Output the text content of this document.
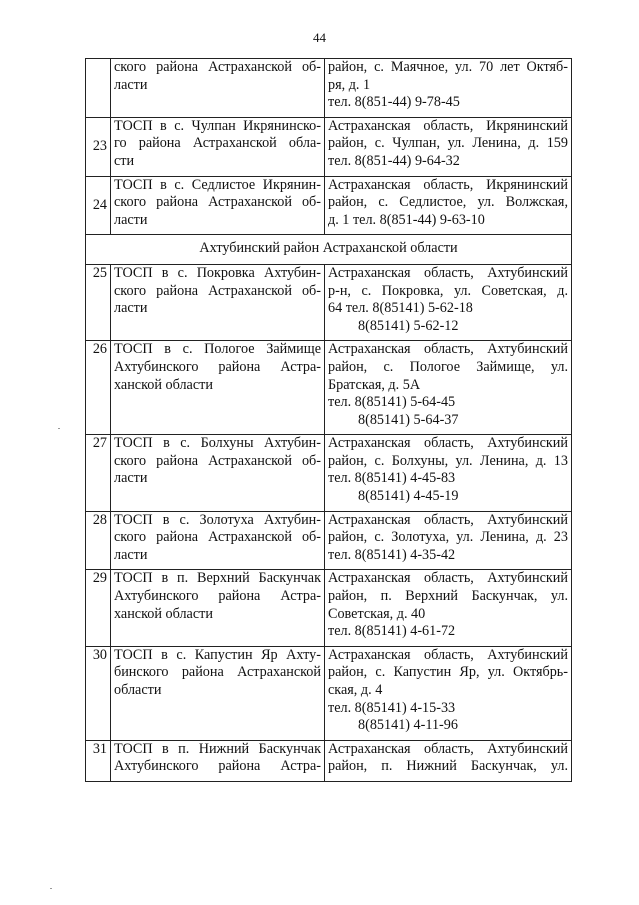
44

	ского района Астраханской об-
ласти	район, с. Маячное, ул. 70 лет Октяб-
ря, д. 1
тел. 8(851-44) 9-78-45

23	ТОСП в с. Чулпан Икрянинско-
го района Астраханской обла-
сти	Астраханская область, Икрянинский
район, с. Чулпан, ул. Ленина, д. 159
тел. 8(851-44) 9-64-32

24	ТОСП в с. Седлистое Икрянин-
ского района Астраханской об-
ласти	Астраханская область, Икрянинский
район, с. Седлистое, ул. Волжская,
д. 1 тел. 8(851-44) 9-63-10

Ахтубинский район Астраханской области		
25	ТОСП в с. Покровка Ахтубин-
ского района Астраханской об-
ласти	Астраханская область, Ахтубинский
р-н, с. Покровка, ул. Советская, д.
64 тел. 8(85141) 5-62-18
8(85141) 5-62-12

26	ТОСП в с. Пологое Займище
Ахтубинского района Астра-
ханской области	Астраханская область, Ахтубинский
район, с. Пологое Займище, ул.
Братская, д. 5А
тел. 8(85141) 5-64-45
8(85141) 5-64-37

27	ТОСП в с. Болхуны Ахтубин-
ского района Астраханской об-
ласти	Астраханская область, Ахтубинский
район, с. Болхуны, ул. Ленина, д. 13
тел. 8(85141) 4-45-83
8(85141) 4-45-19

28	ТОСП в с. Золотуха Ахтубин-
ского района Астраханской об-
ласти	Астраханская область, Ахтубинский
район, с. Золотуха, ул. Ленина, д. 23
тел. 8(85141) 4-35-42

29	ТОСП в п. Верхний Баскунчак
Ахтубинского района Астра-
ханской области	Астраханская область, Ахтубинский
район, п. Верхний Баскунчак, ул.
Советская, д. 40
тел. 8(85141) 4-61-72

30	ТОСП в с. Капустин Яр Ахту-
бинского района Астраханской
области	Астраханская область, Ахтубинский
район, с. Капустин Яр, ул. Октябрь-
ская, д. 4
тел. 8(85141) 4-15-33
8(85141) 4-11-96

31	ТОСП в п. Нижний Баскунчак
Ахтубинского района Астра-	Астраханская область, Ахтубинский
район, п. Нижний Баскунчак, ул.
